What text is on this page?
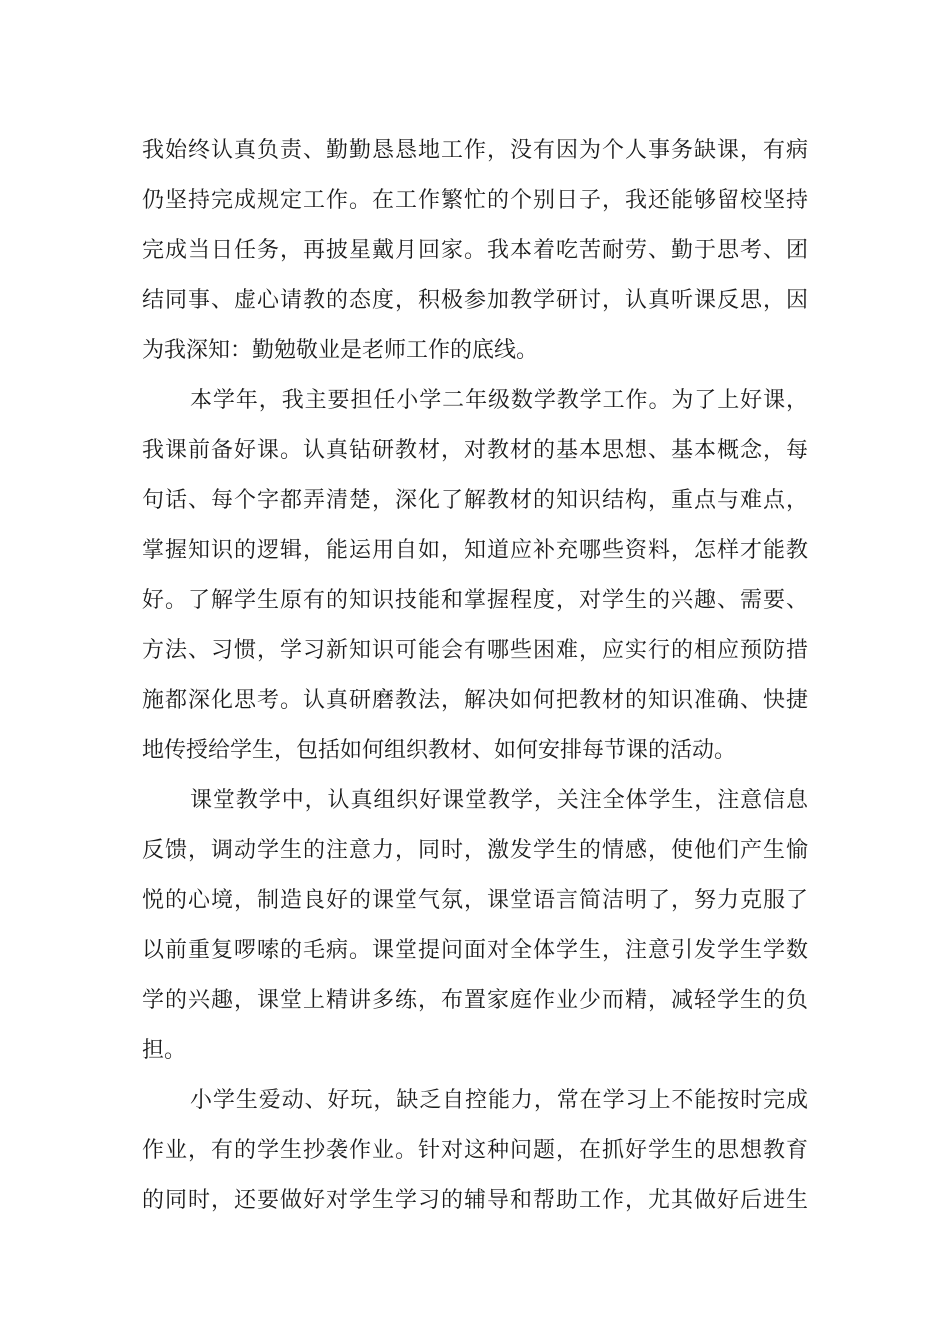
我始终认真负责、勤勤恳恳地工作，没有因为个人事务缺课，有病
仍坚持完成规定工作。在工作繁忙的个别日子，我还能够留校坚持
完成当日任务，再披星戴月回家。我本着吃苦耐劳、勤于思考、团
结同事、虚心请教的态度，积极参加教学研讨，认真听课反思，因
为我深知：勤勉敬业是老师工作的底线。
本学年，我主要担任小学二年级数学教学工作。为了上好课，
我课前备好课。认真钻研教材，对教材的基本思想、基本概念，每
句话、每个字都弄清楚，深化了解教材的知识结构，重点与难点，
掌握知识的逻辑，能运用自如，知道应补充哪些资料，怎样才能教
好。了解学生原有的知识技能和掌握程度，对学生的兴趣、需要、
方法、习惯，学习新知识可能会有哪些困难，应实行的相应预防措
施都深化思考。认真研磨教法，解决如何把教材的知识准确、快捷
地传授给学生，包括如何组织教材、如何安排每节课的活动。
课堂教学中，认真组织好课堂教学，关注全体学生，注意信息
反馈，调动学生的注意力，同时，激发学生的情感，使他们产生愉
悦的心境，制造良好的课堂气氛，课堂语言简洁明了，努力克服了
以前重复啰嗦的毛病。课堂提问面对全体学生，注意引发学生学数
学的兴趣，课堂上精讲多练，布置家庭作业少而精，减轻学生的负
担。
小学生爱动、好玩，缺乏自控能力，常在学习上不能按时完成
作业，有的学生抄袭作业。针对这种问题，在抓好学生的思想教育
的同时，还要做好对学生学习的辅导和帮助工作，尤其做好后进生
